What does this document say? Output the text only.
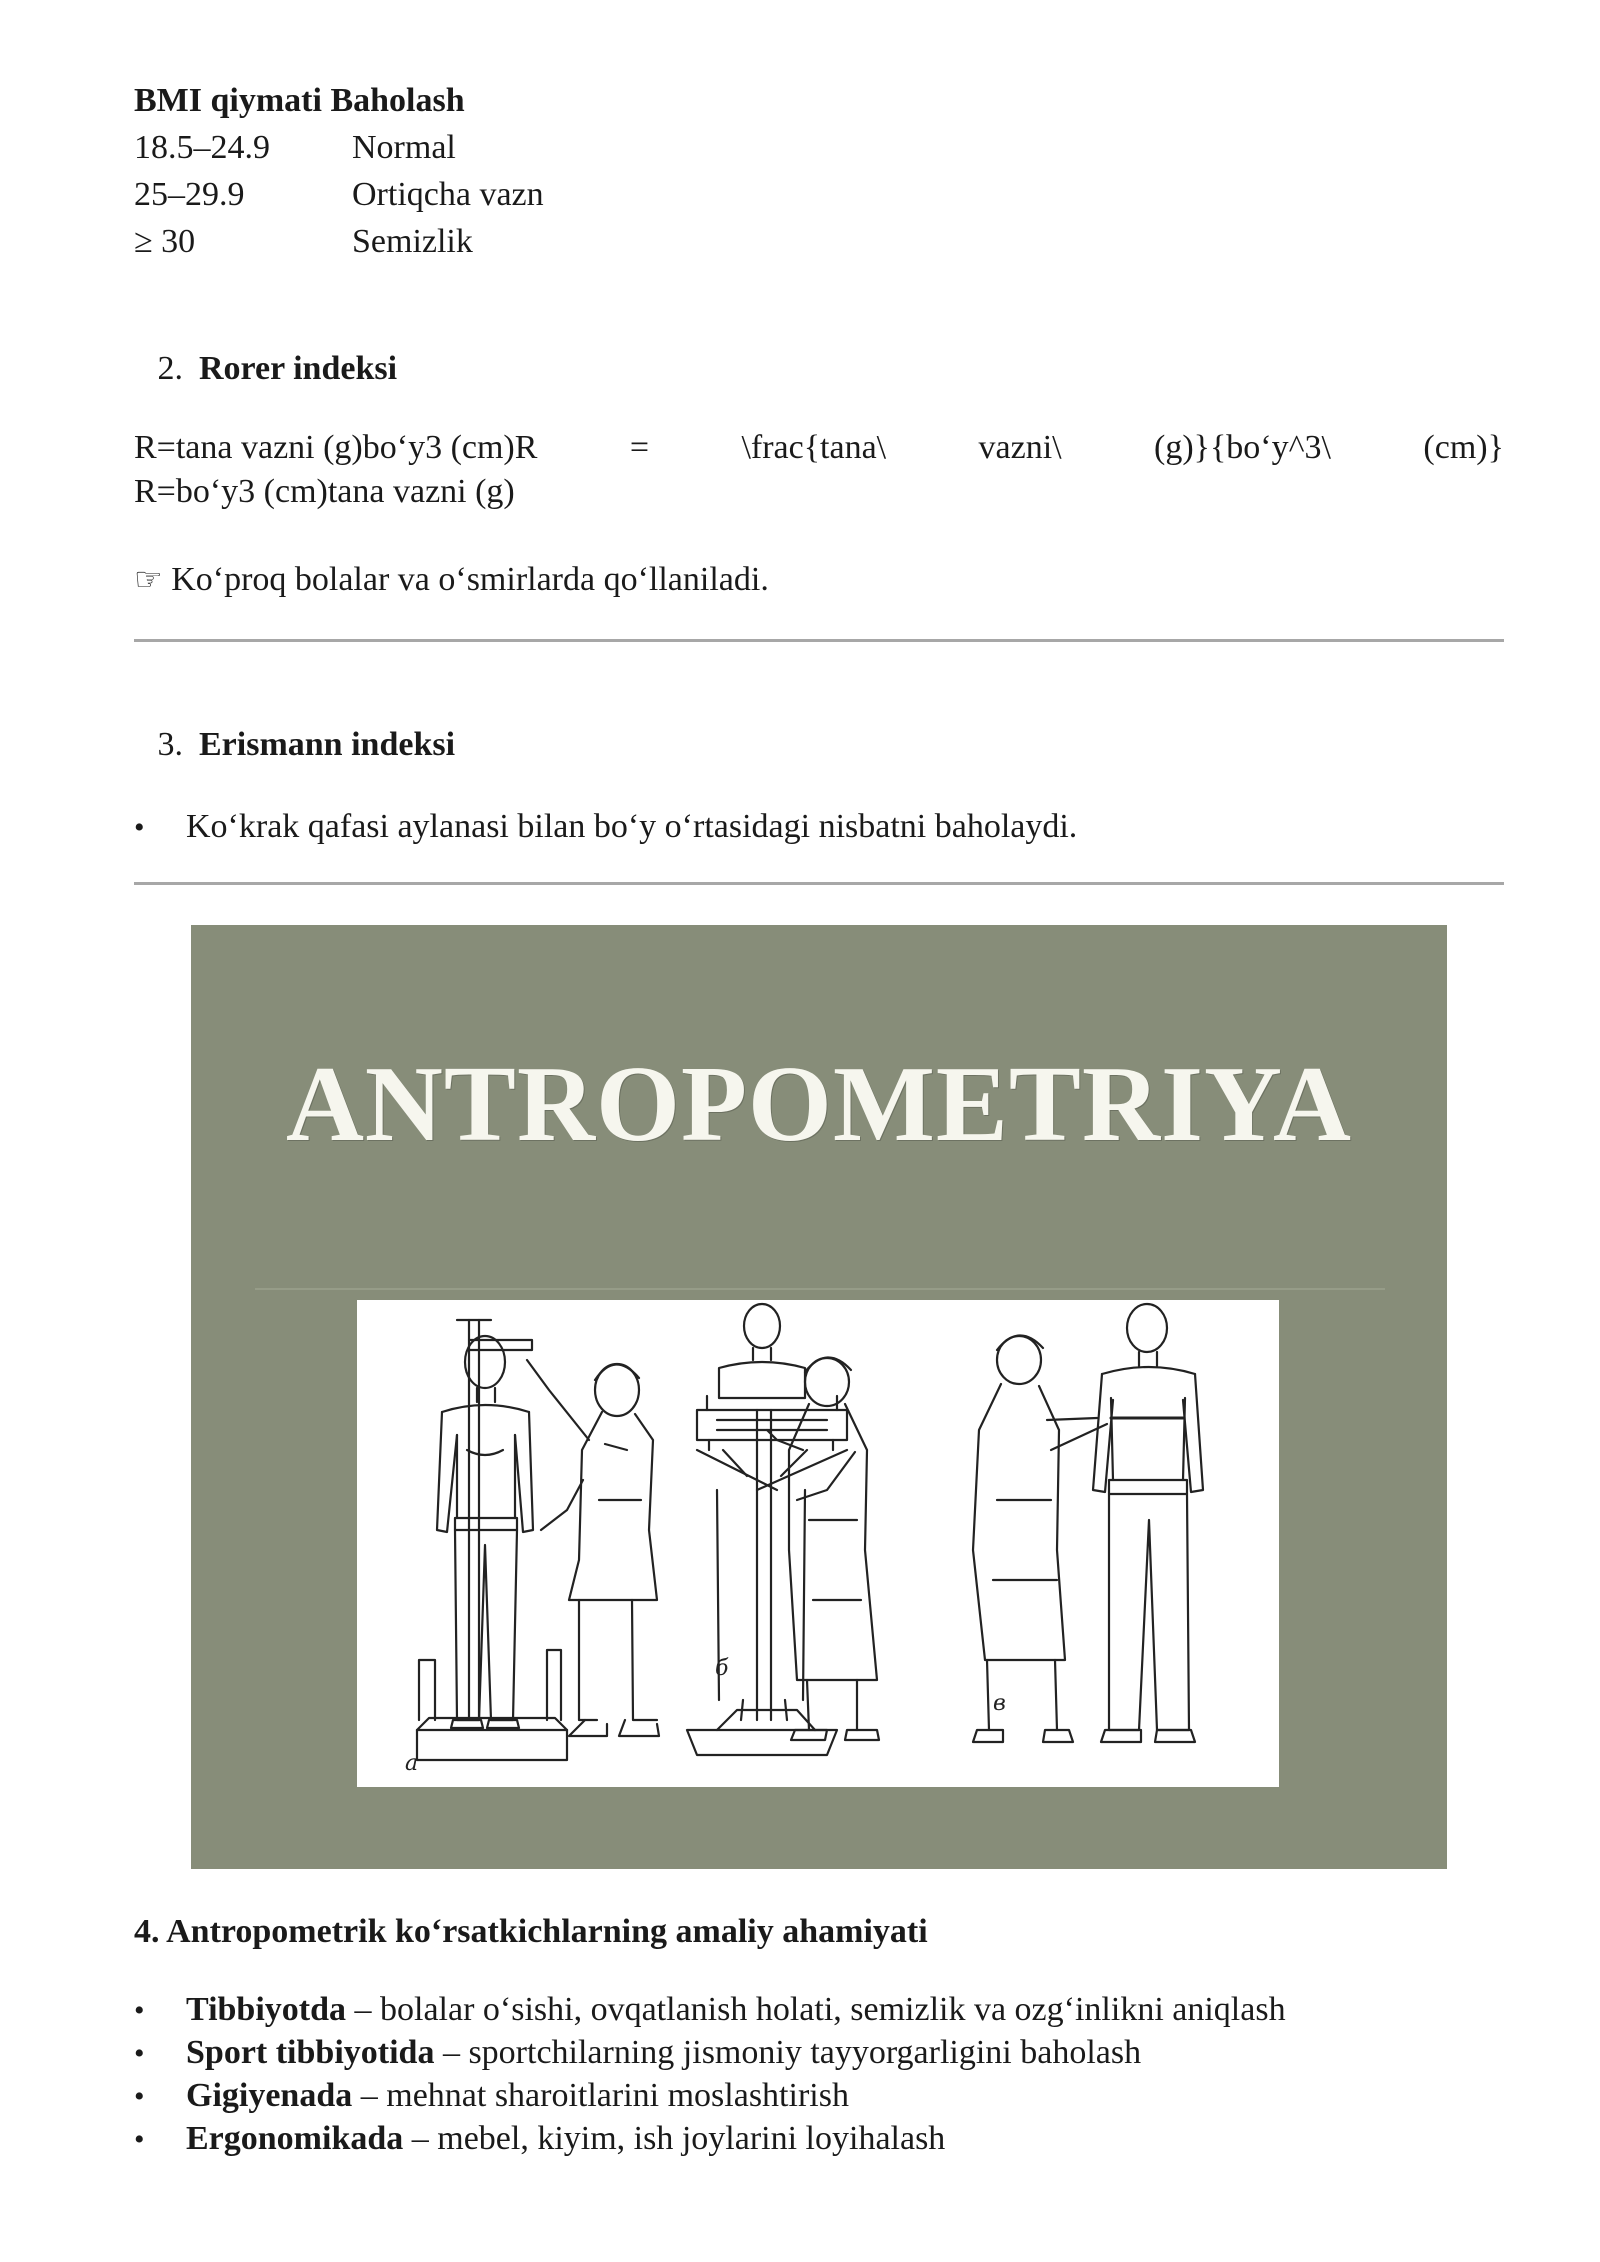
BMI qiymati Baholash
18.5–24.9	Normal
25–29.9	Ortiqcha vazn
≥ 30	Semizlik
2. Rorer indeksi
R=tana vazni (g)bo‘y3 (cm)R	=	\frac{tana\	vazni\	(g)}{bo‘y^3\	(cm)}
R=bo‘y3 (cm)tana vazni (g)
☞ Ko‘proq bolalar va o‘smirlarda qo‘llaniladi.
3. Erismann indeksi
• Ko‘krak qafasi aylanasi bilan bo‘y o‘rtasidagi nisbatni baholaydi.
ANTROPOMETRIYA
а
б
в
4. Antropometrik ko‘rsatkichlarning amaliy ahamiyati
• Tibbiyotda – bolalar o‘sishi, ovqatlanish holati, semizlik va ozg‘inlikni aniqlash
• Sport tibbiyotida – sportchilarning jismoniy tayyorgarligini baholash
• Gigiyenada – mehnat sharoitlarini moslashtirish
• Ergonomikada – mebel, kiyim, ish joylarini loyihalash
